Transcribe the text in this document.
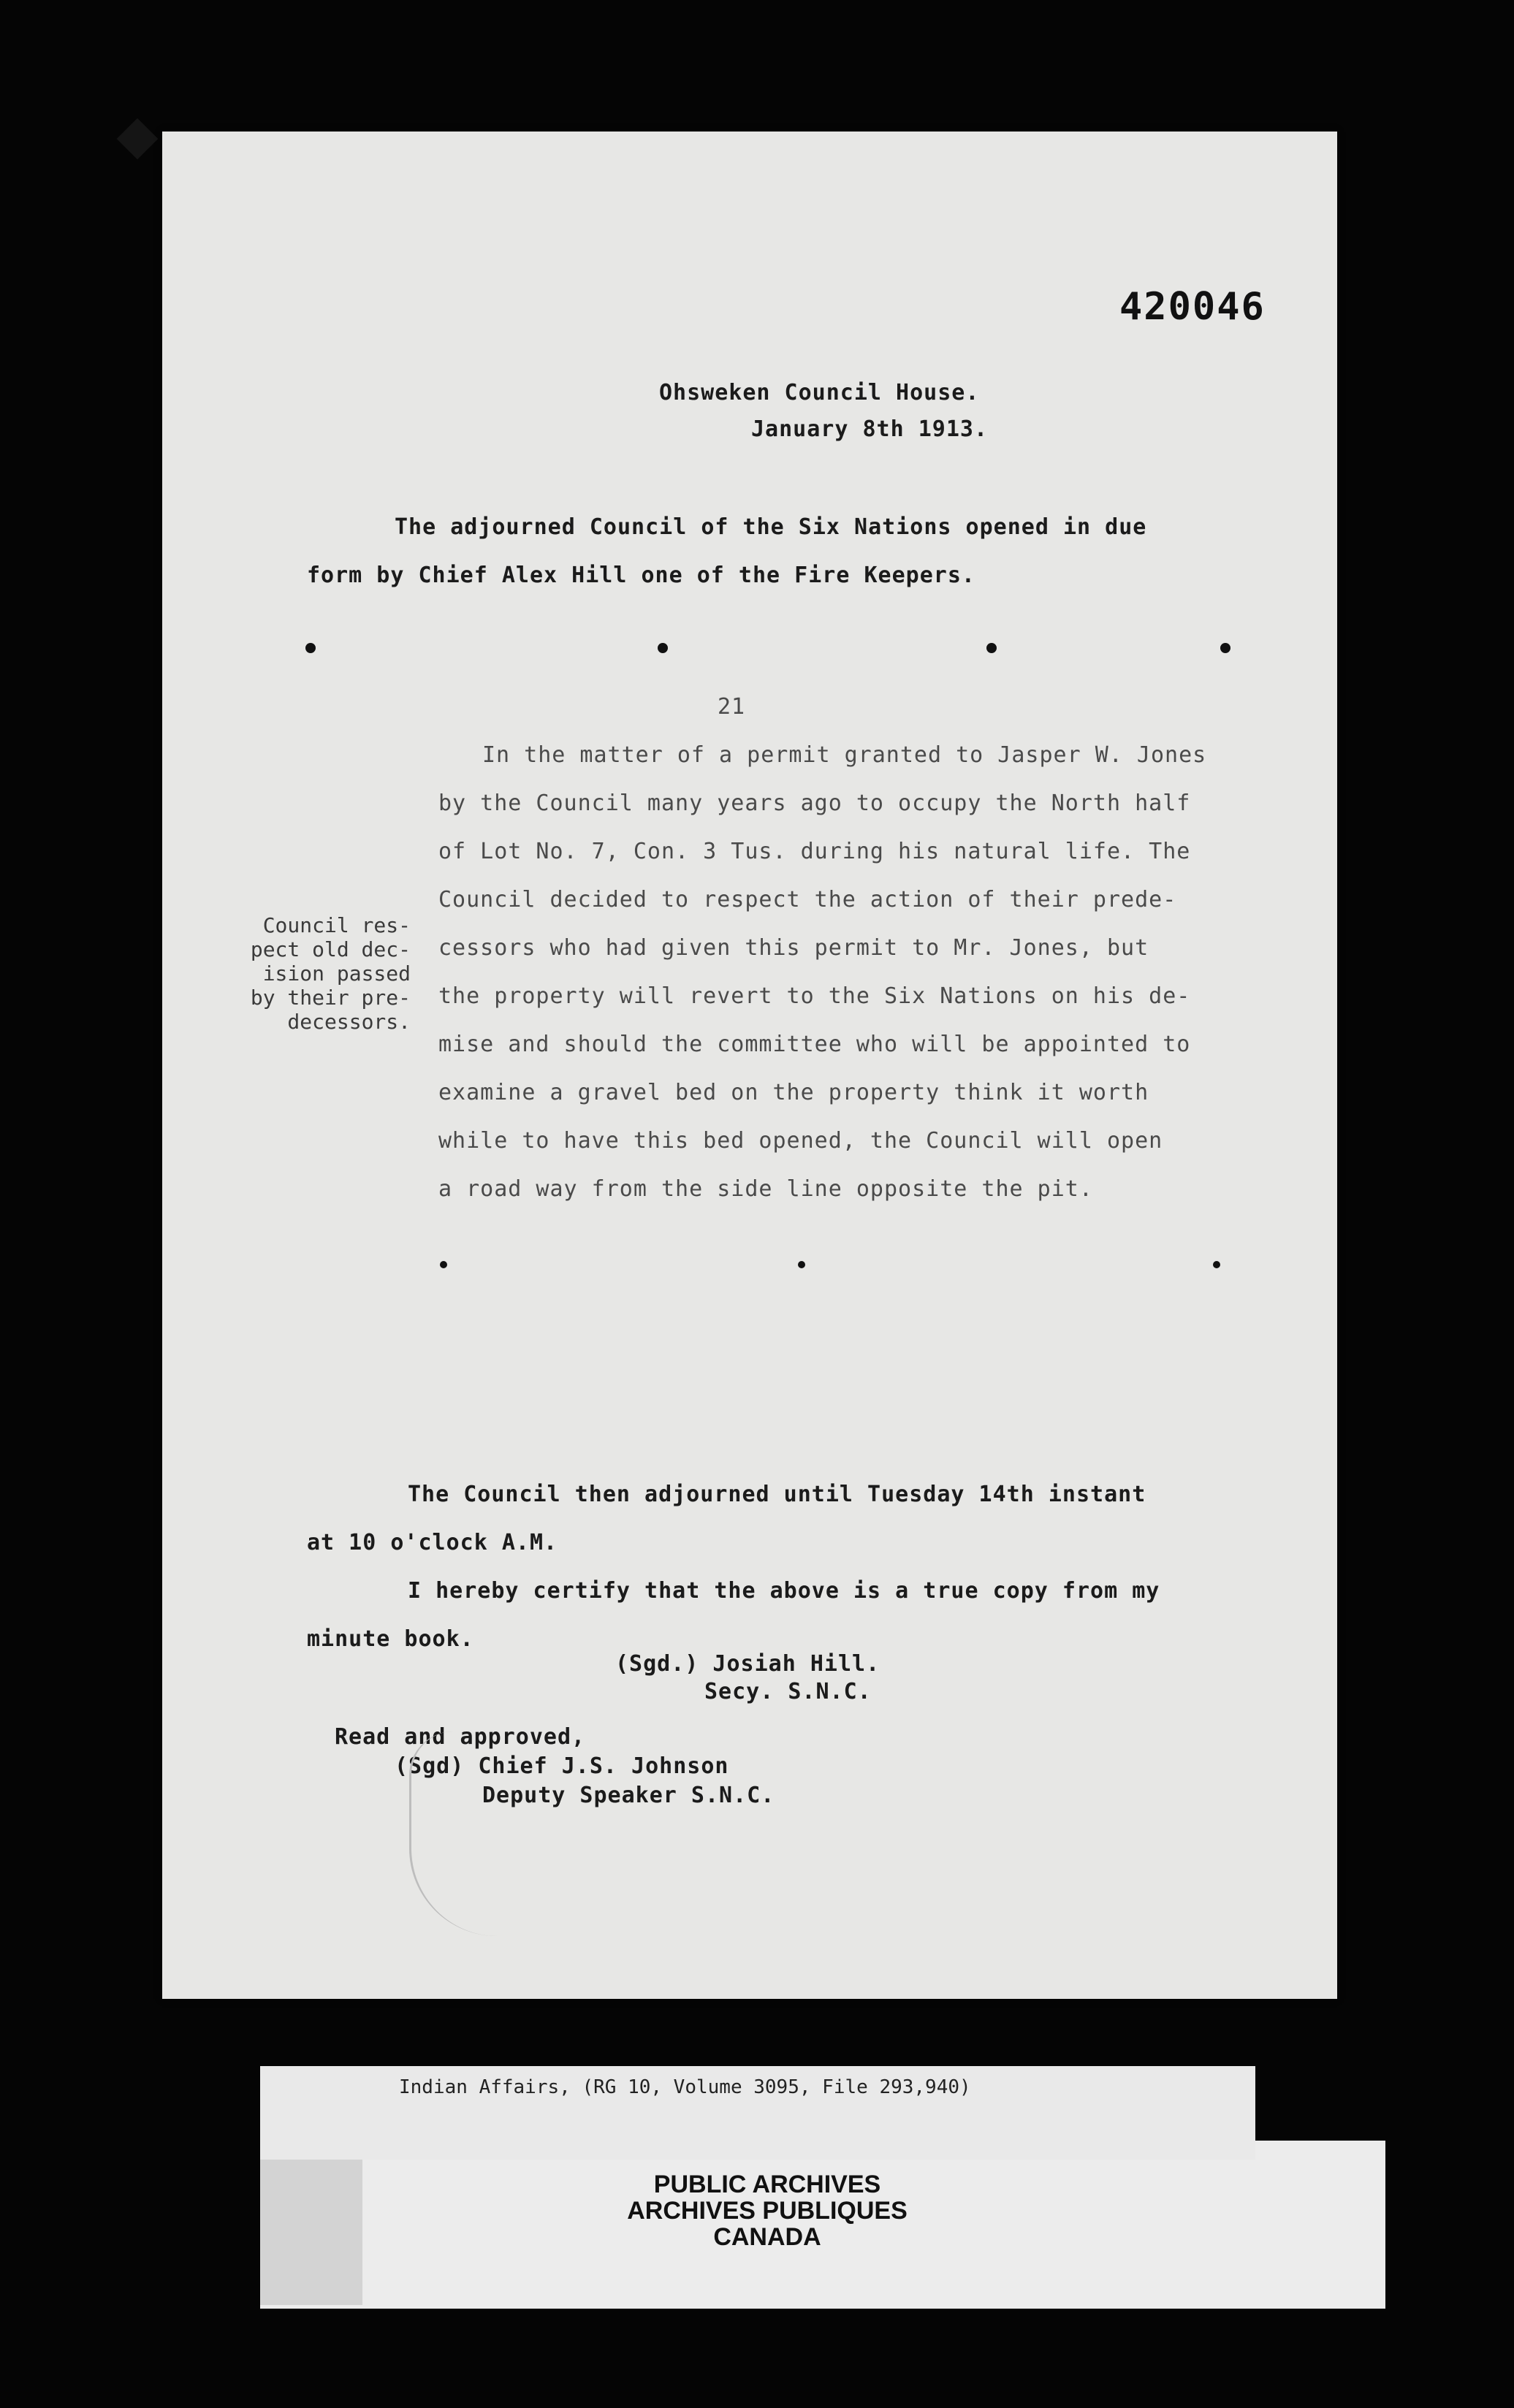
420046
Ohsweken Council House.
January 8th 1913.
The adjourned Council of the Six Nations opened in due
form by Chief Alex Hill one of the Fire Keepers.
21
In the matter of a permit granted to Jasper W. Jones
by the Council many years ago to occupy the North half
of Lot No. 7, Con. 3 Tus. during his natural life. The
Council decided to respect the action of their prede-
cessors who had given this permit to Mr. Jones, but
the property will revert to the Six Nations on his de-
mise and should the committee who will be appointed to
examine a gravel bed on the property think it worth
while to have this bed opened, the Council will open
a road way from the side line opposite the pit.
Council res-
pect old dec-
ision passed
by their pre-
decessors.
The Council then adjourned until Tuesday 14th instant
at 10 o'clock A.M.
I hereby certify that the above is a true copy from my
minute book.
(Sgd.) Josiah Hill.
Secy. S.N.C.
Read and approved,
(Sgd) Chief J.S. Johnson
Deputy Speaker S.N.C.
Indian Affairs, (RG 10, Volume 3095, File 293,940)
PUBLIC ARCHIVES
ARCHIVES PUBLIQUES
CANADA
